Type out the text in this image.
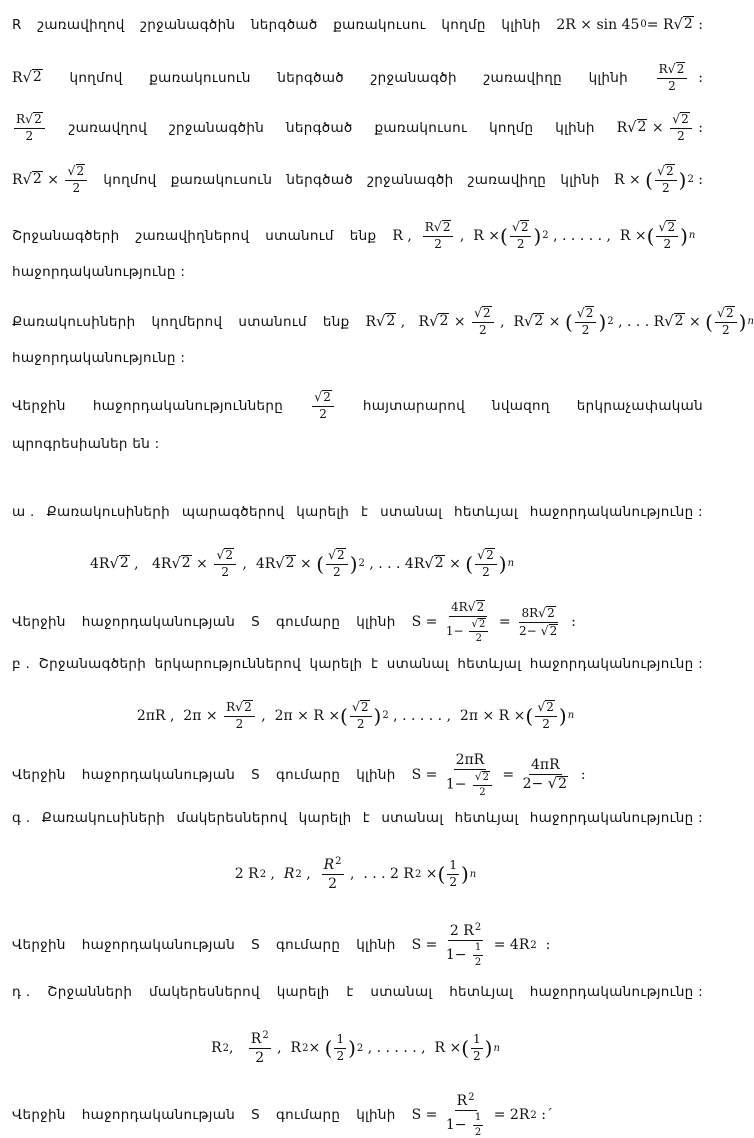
R շառավիղով շրջանագծին ներգծած քառակուսու կողմը կլինի 2R × sin 45 0 = R √ 2 :
R √ 2 կողմով քառակուսուն ներգծած շրջանագծի շառավիղը կլինի $\frac{R √ 2}{2}$ :
$\frac{R √ 2}{2}$ շառավղով շրջանագծին ներգծած քառակուսու կողմը կլինի R √ $2 \times \frac{√ 2}{2}$ :
R √ $2 \times \frac{√ 2}{2}$ կողմով քառակուսուն ներգծած շրջանագծի շառավիղը կլինի R × ( $\frac{√ 2}{2}$ ) 2 :
Շրջանագծերի շառավիղներով ստանում ենք R , $\frac{R √ 2}{2}$ ,  R × ( $\frac{√ 2}{2}$ ) 2 , . . . . . ,  R × ( $\frac{√ 2}{2}$ ) n
հաջորդականությունը :
Քառակուսիների կողմերով ստանում ենք R √ 2 ,   R √ $2 \times \frac{√ 2}{2}$ ,  R √ 2 × ( $\frac{√ 2}{2}$ ) 2 , . . . R √ 2 × ( $\frac{√ 2}{2}$ ) n
հաջորդականությունը :
Վերջին հաջորդականությունները $\frac{√ 2}{2}$ հայտարարով նվազող երկրաչափական
պրոգրեսիաներ են :
ա . Քառակուսիների պարագծերով կարելի է ստանալ հետևյալ հաջորդականությունը :
4R √ 2 ,   4R √ $2 \times \frac{√ 2}{2}$ ,  4R √ 2 × ( $\frac{√ 2}{2}$ ) 2 , . . . 4R √ 2 × ( $\frac{√ 2}{2}$ ) n
Վերջին հաջորդականության S գումարը կլինի $S = \frac{4R √ 2}{1- \frac{√ 2}{2}} = \frac{8R √ 2}{2- √ 2}$ :
բ . Շրջանագծերի երկարություններով կարելի է ստանալ հետևյալ հաջորդականությունը :
2πR ,  $2\pi \times \frac{R √ 2}{2}$ ,  2π × R × ( $\frac{√ 2}{2}$ ) 2 , . . . . . ,  2π × R × ( $\frac{√ 2}{2}$ ) n
Վերջին հաջորդականության S գումարը կլինի $S = \frac{2\pi R}{1- \frac{√ 2}{2}} = \frac{4\pi R}{2- √ 2}$ :
գ . Քառակուսիների մակերեսներով կարելի է ստանալ հետևյալ հաջորդականությունը :
2 R 2 , R 2 , $\frac{R^2}{2}$ ,  . . . 2 R 2 × ( $\frac{1}{2}$ ) n
Վերջին հաջորդականության S գումարը կլինի $S = \frac{2 R^2}{1- \frac{1}{2}} = 4R$ 2 :
դ . Շրջանների մակերեսներով կարելի է ստանալ հետևյալ հաջորդականությունը :
R 2 , $\frac{R^2}{2}$ ,  R 2 × ( $\frac{1}{2}$ ) 2 , . . . . . ,  R × ( $\frac{1}{2}$ ) n
Վերջին հաջորդականության S գումարը կլինի $S = \frac{R^2}{1- \frac{1}{2}} = 2R$ 2 :´
